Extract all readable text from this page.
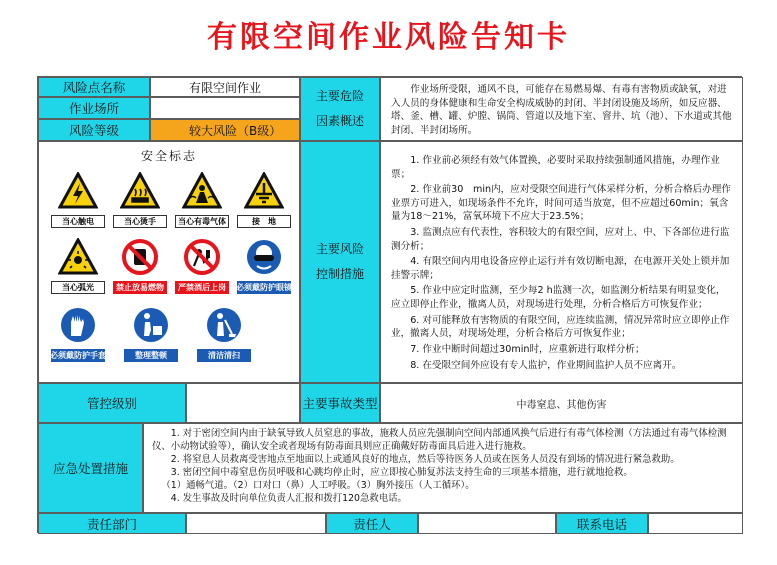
有限空间作业风险告知卡
风险点名称	有限空间作业
作业场所
风险等级	较大风险（B级）
主要危险
因素概述
作业场所受限，通风不良，可能存在易燃易爆、有毒有害物质或缺氧，对进入人员的身体健康和生命安全构成威胁的封闭、半封闭设施及场所，如反应器、塔、釜、槽、罐、炉膛、锅筒、管道以及地下室、窨井、坑（池）、下水道或其他封闭、半封闭场所。
安全标志
当心触电	当心烫手	当心有毒气体	接　地
当心弧光	禁止放易燃物	严禁酒后上岗	必须戴防护眼镜
必须戴防护手套	整理整顿	清洁清扫
主要风险
控制措施

1. 作业前必须经有效气体置换，必要时采取持续强制通风措施，办理作业票；

2. 作业前30　min内，应对受限空间进行气体采样分析，分析合格后办理作业票方可进入，如现场条件不允许，时间可适当放宽，但不应超过60min；氧含量为18～21%，富氧环境下不应大于23.5%；

3. 监测点应有代表性，容积较大的有限空间，应对上、中、下各部位进行监测分析；

4. 有限空间内用电设备应停止运行并有效切断电源，在电源开关处上锁并加挂警示牌；

5. 作业中应定时监测，至少每2 h监测一次，如监测分析结果有明显变化，应立即停止作业，撤离人员，对现场进行处理，分析合格后方可恢复作业；

6. 对可能释放有害物质的有限空间，应连续监测，情况异常时应立即停止作业，撤离人员，对现场处理，分析合格后方可恢复作业；

7. 作业中断时间超过30min时，应重新进行取样分析；

8. 在受限空间外应设有专人监护，作业期间监护人员不应离开。

管控级别	主要事故类型	中毒窒息、其他伤害
应急处置措施

1. 对于密闭空间内由于缺氧导致人员窒息的事故，施救人员应先强制向空间内部通风换气后进行有毒气体检测（方法通过有毒气体检测仪、小动物试验等），确认安全或者现场有防毒面具则应正确戴好防毒面具后进入进行施救。

2. 将窒息人员救离受害地点至地面以上或通风良好的地点，然后等待医务人员或在医务人员没有到场的情况进行紧急救助。

3. 密闭空间中毒窒息伤员呼吸和心跳均停止时，应立即按心肺复苏法支持生命的三项基本措施，进行就地抢救。

（1）通畅气道。（2）口对口（鼻）人工呼吸。（3）胸外接压（人工循环）。

4. 发生事故及时向单位负责人汇报和拨打120急救电话。

责任部门	责任人	联系电话
